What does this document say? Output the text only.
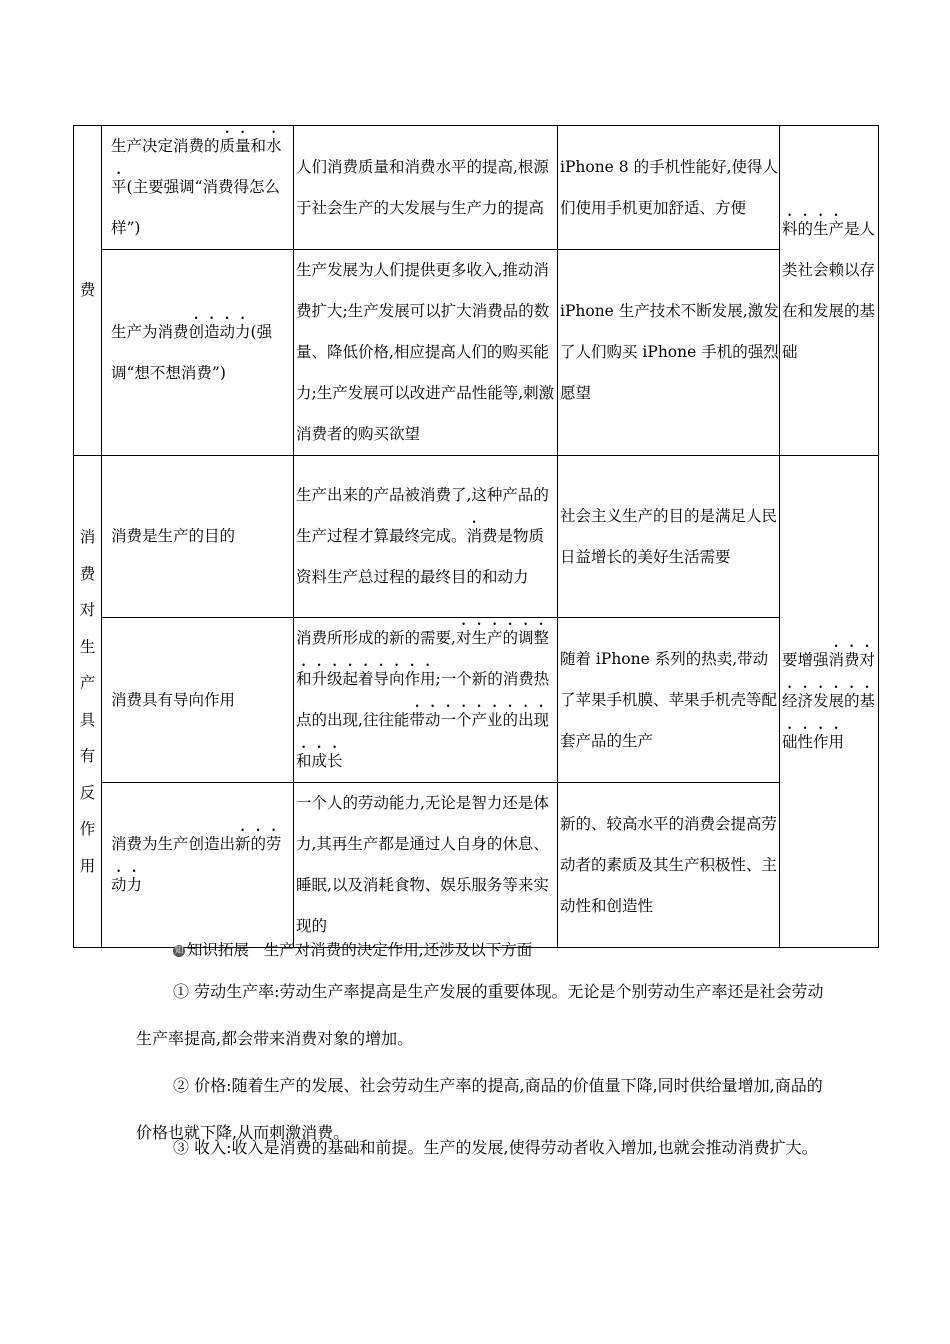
费	生产决定消费的质量和水平(主要强调“消费得怎么样”)	人们消费质量和消费水平的提高,根源于社会生产的大发展与生产力的提高	iPhone 8 的手机性能好,使得人们使用手机更加舒适、方便	料的生产是人类社会赖以存在和发展的基础
	生产为消费创造动力(强调“想不想消费”)	生产发展为人们提供更多收入,推动消费扩大;生产发展可以扩大消费品的数量、降低价格,相应提高人们的购买能力;生产发展可以改进产品性能等,刺激消费者的购买欲望	iPhone 生产技术不断发展,激发了人们购买 iPhone 手机的强烈愿望	

消费对生产具有反作用	消费是生产的目的	生产出来的产品被消费了,这种产品的生产过程才算最终完成。消费是物质资料生产总过程的最终目的和动力	社会主义生产的目的是满足人民日益增长的美好生活需要	要增强消费对经济发展的基础性作用
	消费具有导向作用	消费所形成的新的需要,对生产的调整和升级起着导向作用;一个新的消费热点的出现,往往能带动一个产业的出现和成长	随着 iPhone 系列的热卖,带动了苹果手机膜、苹果手机壳等配套产品的生产	
	消费为生产创造出新的劳动力	一个人的劳动能力,无论是智力还是体力,其再生产都是通过人自身的休息、睡眠,以及消耗食物、娱乐服务等来实现的	新的、较高水平的消费会提高劳动者的素质及其生产积极性、主动性和创造性	
知 知识拓展 生产对消费的决定作用,还涉及以下方面
① 劳动生产率:劳动生产率提高是生产发展的重要体现。无论是个别劳动生产率还是社会劳动生产率提高,都会带来消费对象的增加。
② 价格:随着生产的发展、社会劳动生产率的提高,商品的价值量下降,同时供给量增加,商品的价格也就下降,从而刺激消费。
③ 收入:收入是消费的基础和前提。生产的发展,使得劳动者收入增加,也就会推动消费扩大。
